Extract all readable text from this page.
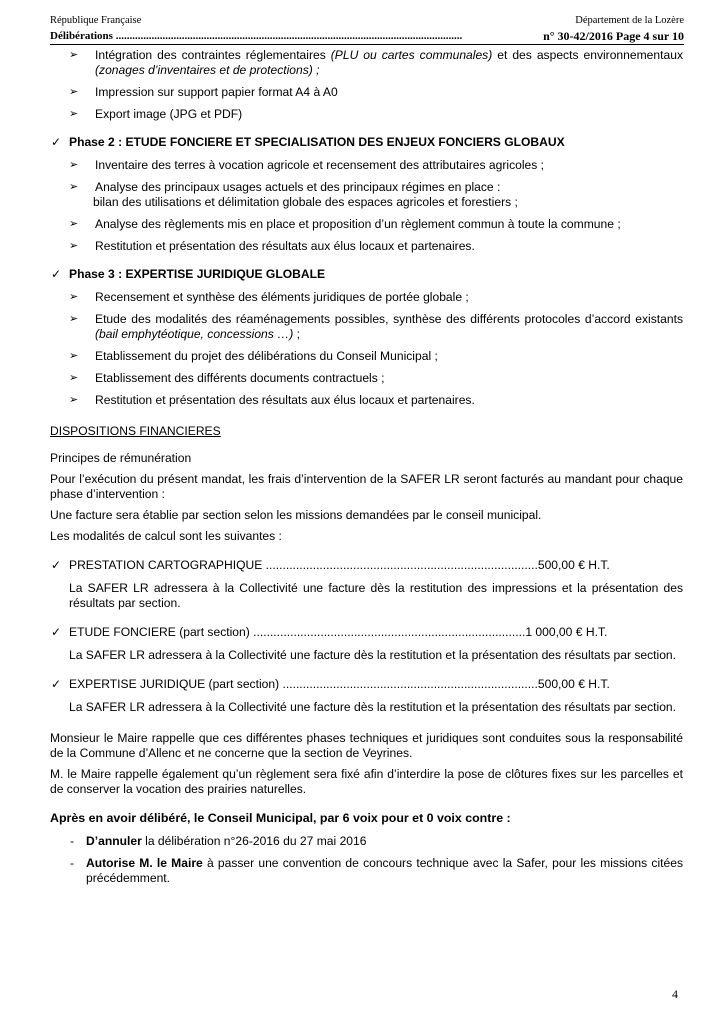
République Française	Département de la Lozère
Délibérations ..............................................................................................................................	n° 30-42/2016 Page 4 sur 10
➢ Intégration des contraintes réglementaires (PLU ou cartes communales) et des aspects environnementaux (zonages d’inventaires et de protections) ;
➢ Impression sur support papier format A4 à A0
➢ Export image (JPG et PDF)
✓ Phase 2 : ETUDE FONCIERE ET SPECIALISATION DES ENJEUX FONCIERS GLOBAUX
➢ Inventaire des terres à vocation agricole et recensement des attributaires agricoles ;
➢ Analyse des principaux usages actuels et des principaux régimes en place :
bilan des utilisations et délimitation globale des espaces agricoles et forestiers ;
➢ Analyse des règlements mis en place et proposition d’un règlement commun à toute la commune ;
➢ Restitution et présentation des résultats aux élus locaux et partenaires.
✓ Phase 3 : EXPERTISE JURIDIQUE GLOBALE
➢ Recensement et synthèse des éléments juridiques de portée globale ;
➢ Etude des modalités des réaménagements possibles, synthèse des différents protocoles d’accord existants (bail emphytéotique, concessions …) ;
➢ Etablissement du projet des délibérations du Conseil Municipal ;
➢ Etablissement des différents documents contractuels ;
➢ Restitution et présentation des résultats aux élus locaux et partenaires.
DISPOSITIONS FINANCIERES

Principes de rémunération

Pour l’exécution du présent mandat, les frais d’intervention de la SAFER LR seront facturés au mandant pour chaque phase d’intervention :

Une facture sera établie par section selon les missions demandées par le conseil municipal.

Les modalités de calcul sont les suivantes :

✓ PRESTATION CARTOGRAPHIQUE .................................................................................500,00 € H.T.
La SAFER LR adressera à la Collectivité une facture dès la restitution des impressions et la présentation des résultats par section.
✓ ETUDE FONCIERE (part section) .................................................................................1 000,00 € H.T.
La SAFER LR adressera à la Collectivité une facture dès la restitution et la présentation des résultats par section.
✓ EXPERTISE JURIDIQUE (part section) ............................................................................500,00 € H.T.
La SAFER LR adressera à la Collectivité une facture dès la restitution et la présentation des résultats par section.

Monsieur le Maire rappelle que ces différentes phases techniques et juridiques sont conduites sous la responsabilité de la Commune d’Allenc et ne concerne que la section de Veyrines.

M. le Maire rappelle également qu’un règlement sera fixé afin d’interdire la pose de clôtures fixes sur les parcelles et de conserver la vocation des prairies naturelles.

Après en avoir délibéré, le Conseil Municipal, par 6 voix pour et 0 voix contre :
- D’annuler la délibération n°26-2016 du 27 mai 2016
- Autorise M. le Maire à passer une convention de concours technique avec la Safer, pour les missions citées précédemment.
4
